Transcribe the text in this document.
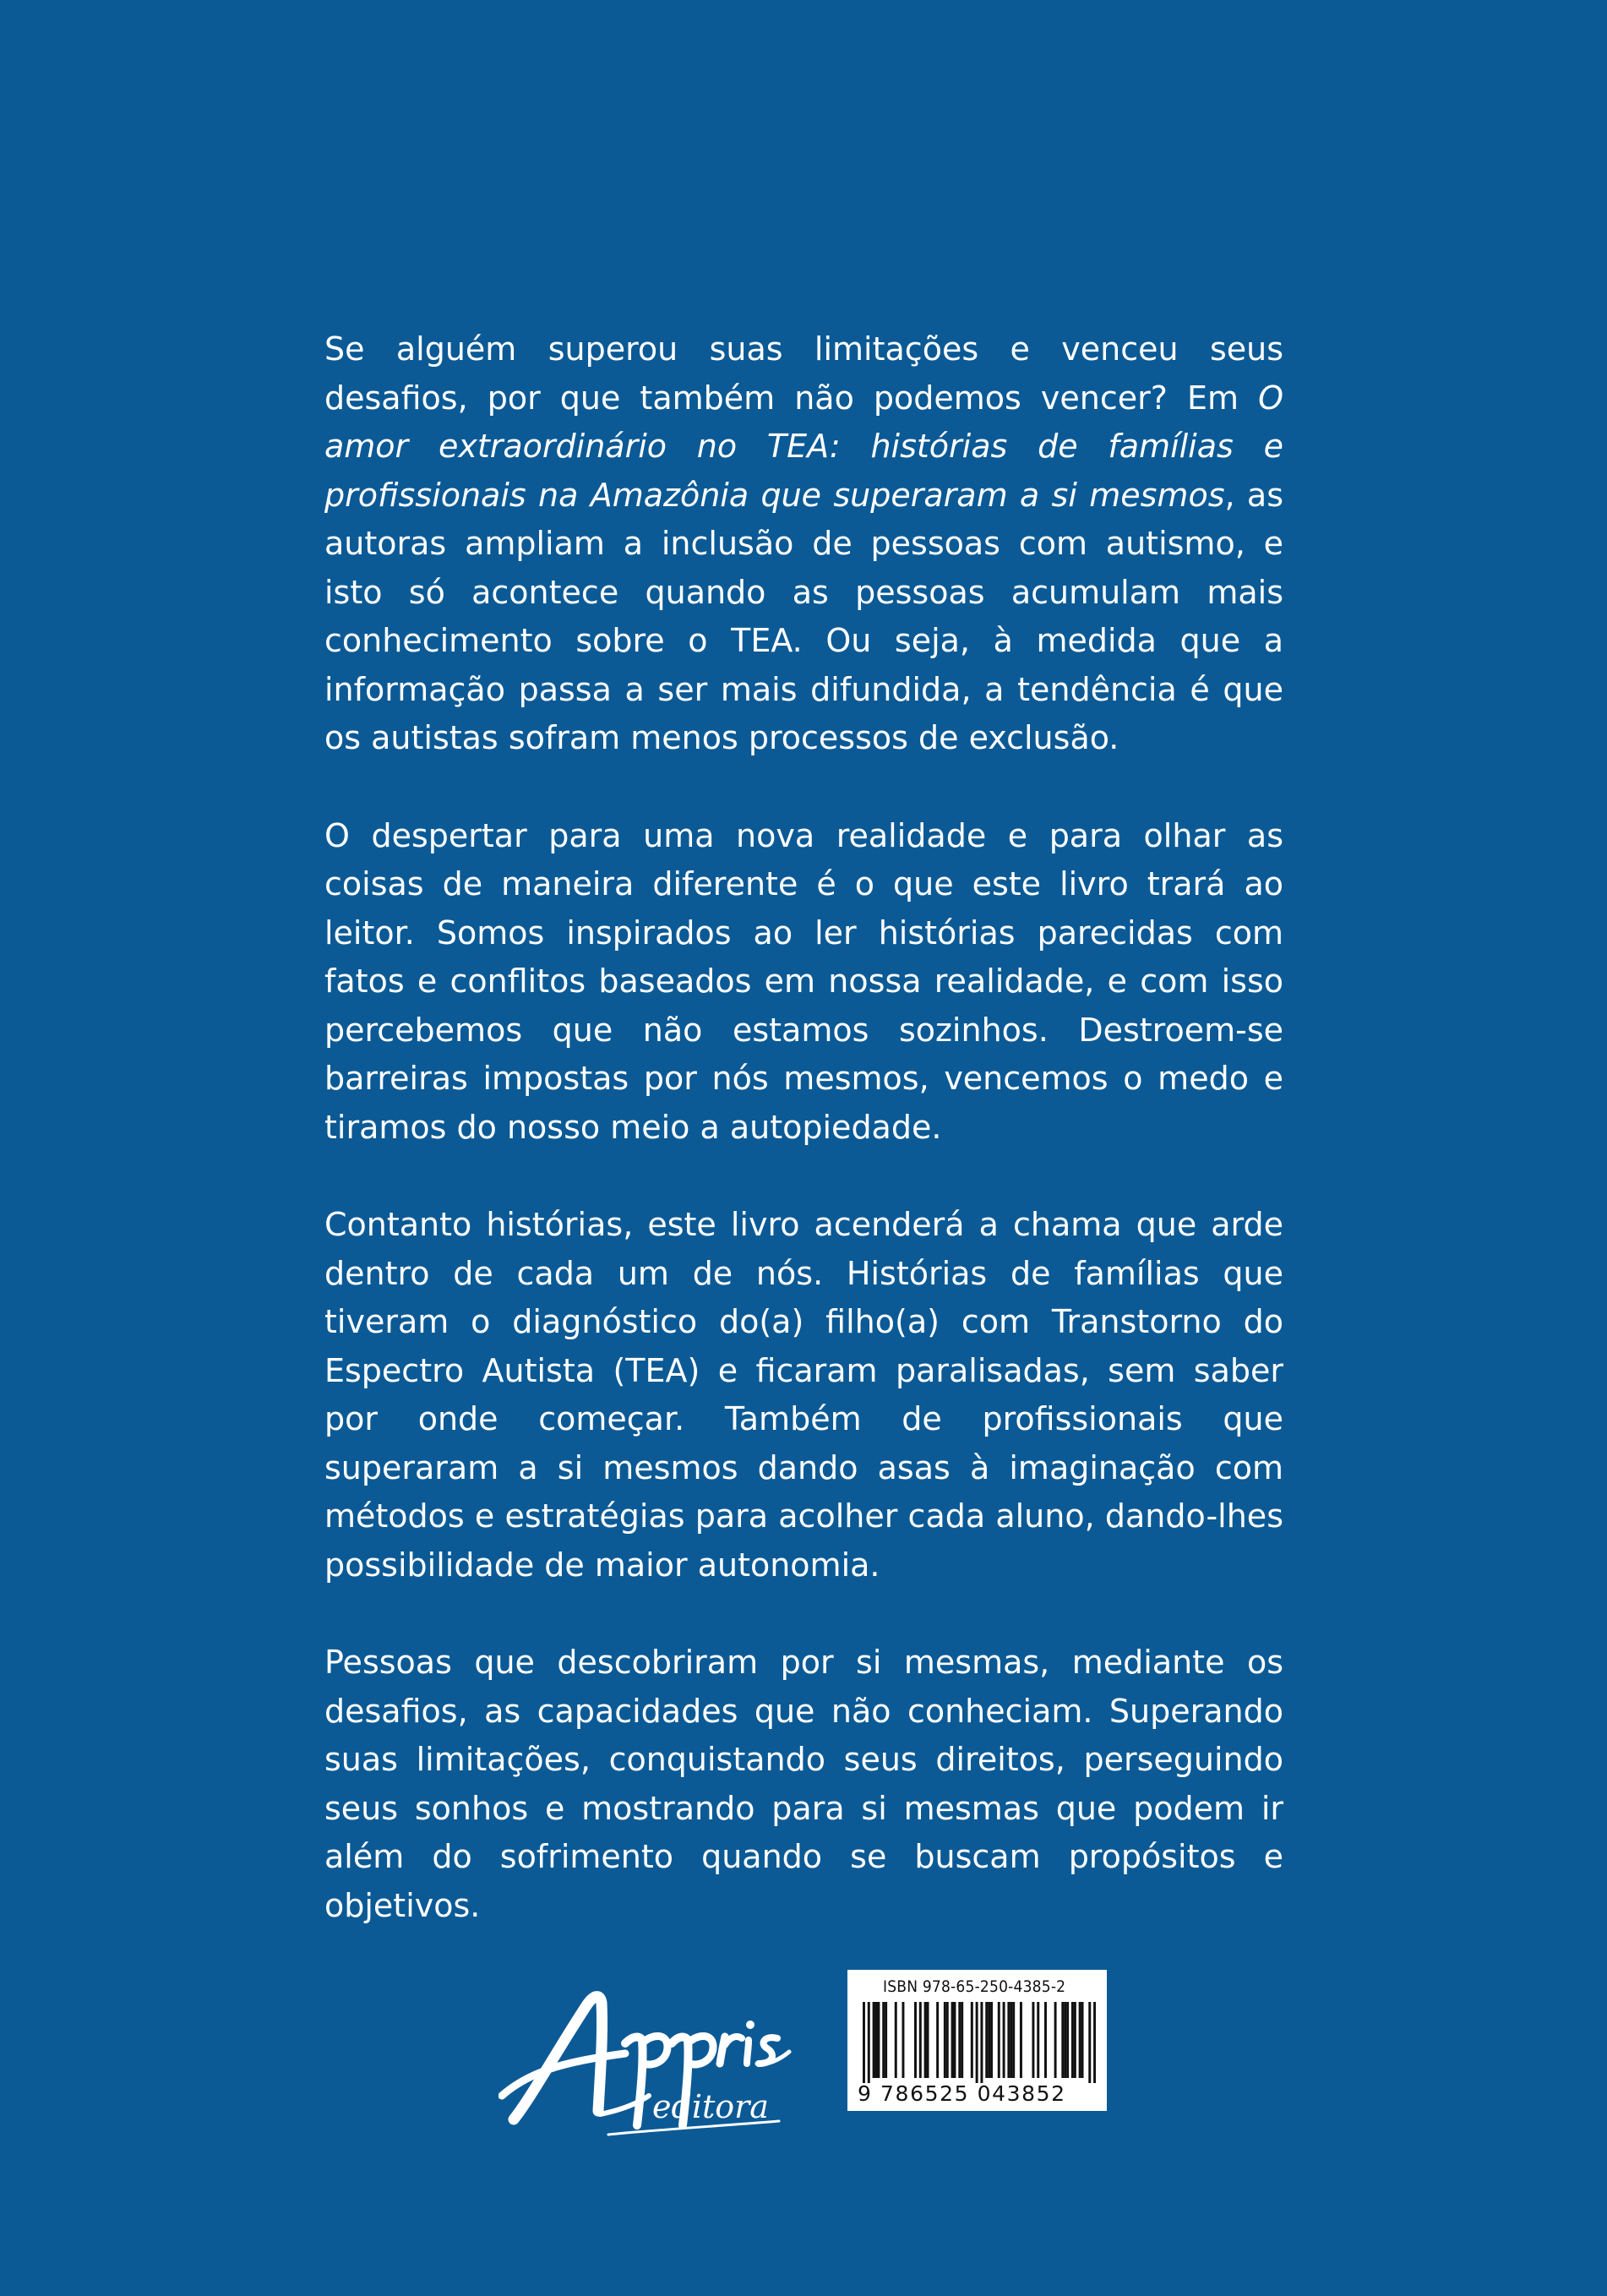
Se alguém superou suas limitações e venceu seus desafios, por que também não podemos vencer? Em O amor extraordinário no TEA: histórias de famílias e profissionais na Amazônia que superaram a si mesmos, as autoras ampliam a inclusão de pessoas com autismo, e isto só acontece quando as pessoas acumulam mais conhecimento sobre o TEA. Ou seja, à medida que a informação passa a ser mais difundida, a tendência é que os autistas sofram menos processos de exclusão.

O despertar para uma nova realidade e para olhar as coisas de maneira diferente é o que este livro trará ao leitor. Somos inspirados ao ler histórias parecidas com fatos e conflitos baseados em nossa realidade, e com isso percebemos que não estamos sozinhos. Destroem-se barreiras impostas por nós mesmos, vencemos o medo e tiramos do nosso meio a autopiedade.

Contanto histórias, este livro acenderá a chama que arde dentro de cada um de nós. Histórias de famílias que tiveram o diagnóstico do(a) filho(a) com Transtorno do Espectro Autista (TEA) e ficaram paralisadas, sem saber por onde começar. Também de profissionais que superaram a si mesmos dando asas à imaginação com métodos e estratégias para acolher cada aluno, dando-lhes possibilidade de maior autonomia.

Pessoas que descobriram por si mesmas, mediante os desafios, as capacidades que não conheciam. Superando suas limitações, conquistando seus direitos, perseguindo seus sonhos e mostrando para si mesmas que podem ir além do sofrimento quando se buscam propósitos e objetivos.

editora
ISBN 978-65-250-4385-2
9 786525 043852
